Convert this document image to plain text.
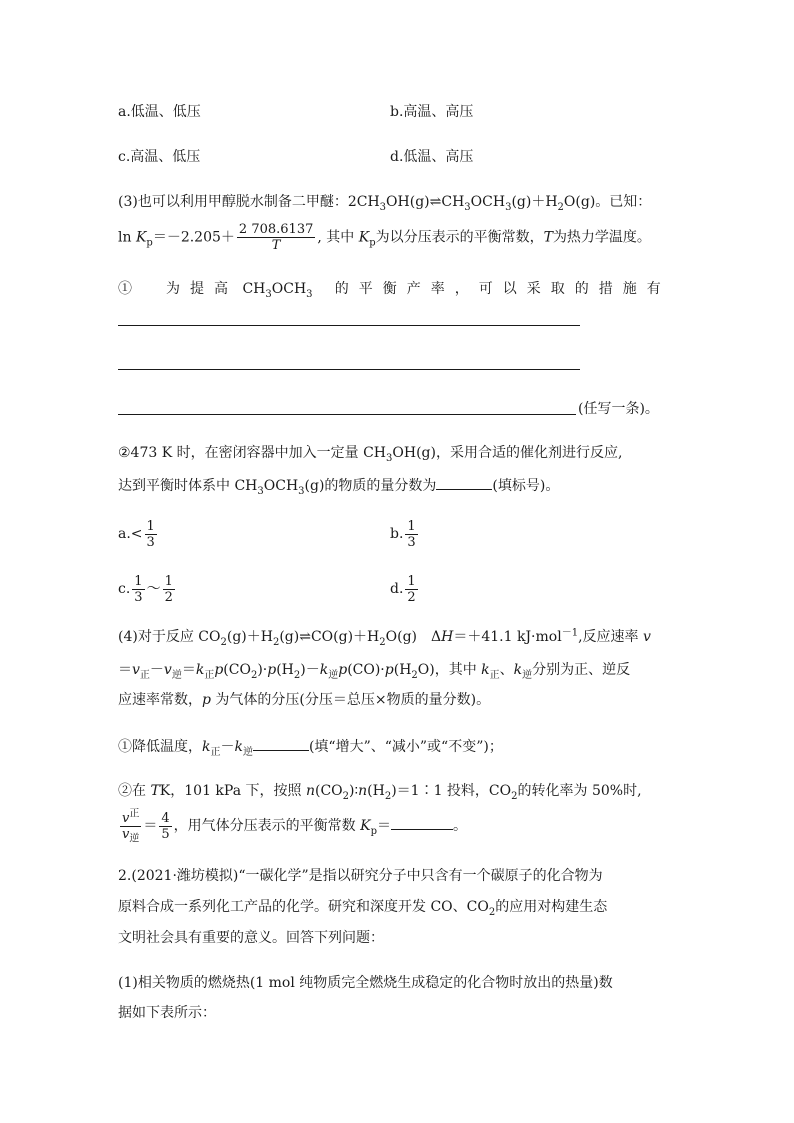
a.低温、低压	b.高温、高压
c.高温、低压	d.低温、高压
(3)也可以利用甲醇脱水制备二甲醚：$2CH_3OH(g)\rightleftharpoons CH_3OCH_3(g)+H_2O(g)$。已知：
$\ln K_p=-2.205+ \frac{2 708.6137}{T}$ , 其中 $K_p$为以分压表示的平衡常数，T为热力学温度。
①　为提高 $CH_3OCH_3$ 的平衡产率，可以采取的措施有
(任写一条)。
②473 K 时，在密闭容器中加入一定量 $CH_3OH(g)$，采用合适的催化剂进行反应,
达到平衡时体系中 $CH_3OCH_3(g)$的物质的量分数为	(填标号)。
$a.< \frac{1}{3}$	b. $\frac{1}{3}$
c. $\frac{1}{3}$ ～ $\frac{1}{2}$	d. $\frac{1}{2}$
(4)对于反应 $CO_2(g)+H_2(g)\rightleftharpoons CO(g)+H_2O(g)$　ΔH＝＋41.1 kJ·mol$^{-1}$,反应速率 v
$=v_正-v_逆=k_正p(CO_2)\cdot p(H_2)-k_逆p(CO)\cdot p(H_2O)$，其中 $k_正$、$k_逆$分别为正、逆反
应速率常数，p 为气体的分压(分压＝总压×物质的量分数)。
①降低温度，$k_正-k_逆$	(填“增大”、“减小”或“不变”)；
②在 TK，101 kPa 下，按照 $n(CO_2)∶n(H_2)=1∶1$ 投料，$CO_2$的转化率为 50%时,
$\frac{v^正}{v_逆} = \frac{4}{5}$ ，用气体分压表示的平衡常数 $K_p=$	。
2.(2021·潍坊模拟)“一碳化学”是指以研究分子中只含有一个碳原子的化合物为
原料合成一系列化工产品的化学。研究和深度开发 CO、$CO_2$的应用对构建生态
文明社会具有重要的意义。回答下列问题：
(1)相关物质的燃烧热(1 mol 纯物质完全燃烧生成稳定的化合物时放出的热量)数
据如下表所示：
